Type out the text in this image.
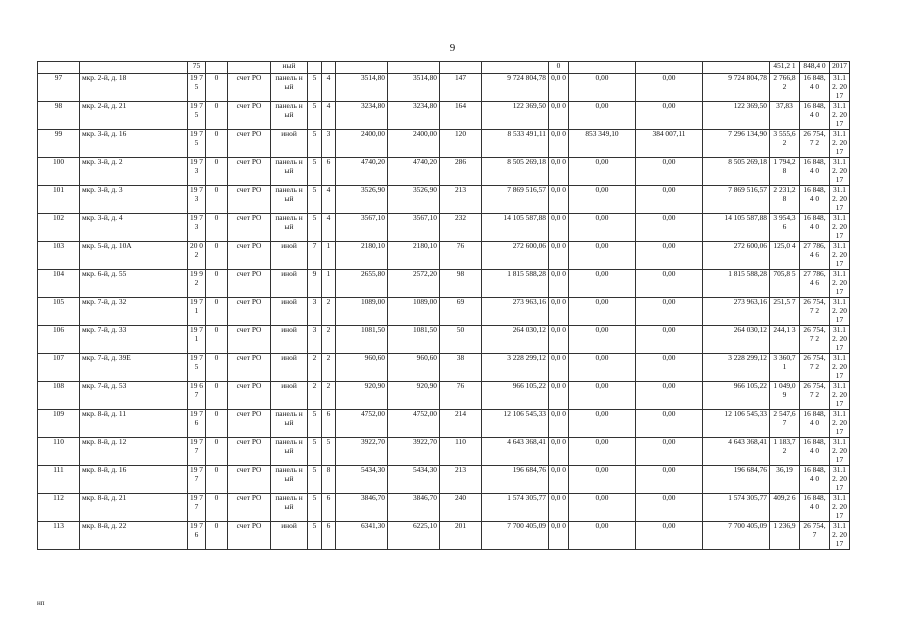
9
		75			ный							0				451,2 1	848,4 0	2017
97	мкр. 2-й, д. 18	19 75	0	счет РО	панель ный	5	4	3514,80	3514,80	147	9 724 804,78	0,0 0	0,00	0,00	9 724 804,78	2 766,8 2	16 848,4 0	31.12. 2017
98	мкр. 2-й, д. 21	19 75	0	счет РО	панель ный	5	4	3234,80	3234,80	164	122 369,50	0,0 0	0,00	0,00	122 369,50	37,83	16 848,4 0	31.12. 2017
99	мкр. 3-й, д. 16	19 75	0	счет РО	иной	5	3	2400,00	2400,00	120	8 533 491,11	0,0 0	853 349,10	384 007,11	7 296 134,90	3 555,6 2	26 754,7 2	31.12. 2017
100	мкр. 3-й, д. 2	19 73	0	счет РО	панель ный	5	6	4740,20	4740,20	286	8 505 269,18	0,0 0	0,00	0,00	8 505 269,18	1 794,2 8	16 848,4 0	31.12. 2017
101	мкр. 3-й, д. 3	19 73	0	счет РО	панель ный	5	4	3526,90	3526,90	213	7 869 516,57	0,0 0	0,00	0,00	7 869 516,57	2 231,2 8	16 848,4 0	31.12. 2017
102	мкр. 3-й, д. 4	19 73	0	счет РО	панель ный	5	4	3567,10	3567,10	232	14 105 587,88	0,0 0	0,00	0,00	14 105 587,88	3 954,3 6	16 848,4 0	31.12. 2017
103	мкр. 5-й, д. 10А	20 02	0	счет РО	иной	7	1	2180,10	2180,10	76	272 600,06	0,0 0	0,00	0,00	272 600,06	125,0 4	27 786,4 6	31.12. 2017
104	мкр. 6-й, д. 55	19 92	0	счет РО	иной	9	1	2655,80	2572,20	98	1 815 588,28	0,0 0	0,00	0,00	1 815 588,28	705,8 5	27 786,4 6	31.12. 2017
105	мкр. 7-й, д. 32	19 71	0	счет РО	иной	3	2	1089,00	1089,00	69	273 963,16	0,0 0	0,00	0,00	273 963,16	251,5 7	26 754,7 2	31.12. 2017
106	мкр. 7-й, д. 33	19 71	0	счет РО	иной	3	2	1081,50	1081,50	50	264 030,12	0,0 0	0,00	0,00	264 030,12	244,1 3	26 754,7 2	31.12. 2017
107	мкр. 7-й, д. 39Е	19 75	0	счет РО	иной	2	2	960,60	960,60	38	3 228 299,12	0,0 0	0,00	0,00	3 228 299,12	3 360,7 1	26 754,7 2	31.12. 2017
108	мкр. 7-й, д. 53	19 67	0	счет РО	иной	2	2	920,90	920,90	76	966 105,22	0,0 0	0,00	0,00	966 105,22	1 049,0 9	26 754,7 2	31.12. 2017
109	мкр. 8-й, д. 11	19 76	0	счет РО	панель ный	5	6	4752,00	4752,00	214	12 106 545,33	0,0 0	0,00	0,00	12 106 545,33	2 547,6 7	16 848,4 0	31.12. 2017
110	мкр. 8-й, д. 12	19 77	0	счет РО	панель ный	5	5	3922,70	3922,70	110	4 643 368,41	0,0 0	0,00	0,00	4 643 368,41	1 183,7 2	16 848,4 0	31.12. 2017
111	мкр. 8-й, д. 16	19 77	0	счет РО	панель ный	5	8	5434,30	5434,30	213	196 684,76	0,0 0	0,00	0,00	196 684,76	36,19	16 848,4 0	31.12. 2017
112	мкр. 8-й, д. 21	19 77	0	счет РО	панель ный	5	6	3846,70	3846,70	240	1 574 305,77	0,0 0	0,00	0,00	1 574 305,77	409,2 6	16 848,4 0	31.12. 2017
113	мкр. 8-й, д. 22	19 76	0	счет РО	иной	5	6	6341,30	6225,10	201	7 700 405,09	0,0 0	0,00	0,00	7 700 405,09	1 236,9	26 754,7	31.12. 2017
нп
